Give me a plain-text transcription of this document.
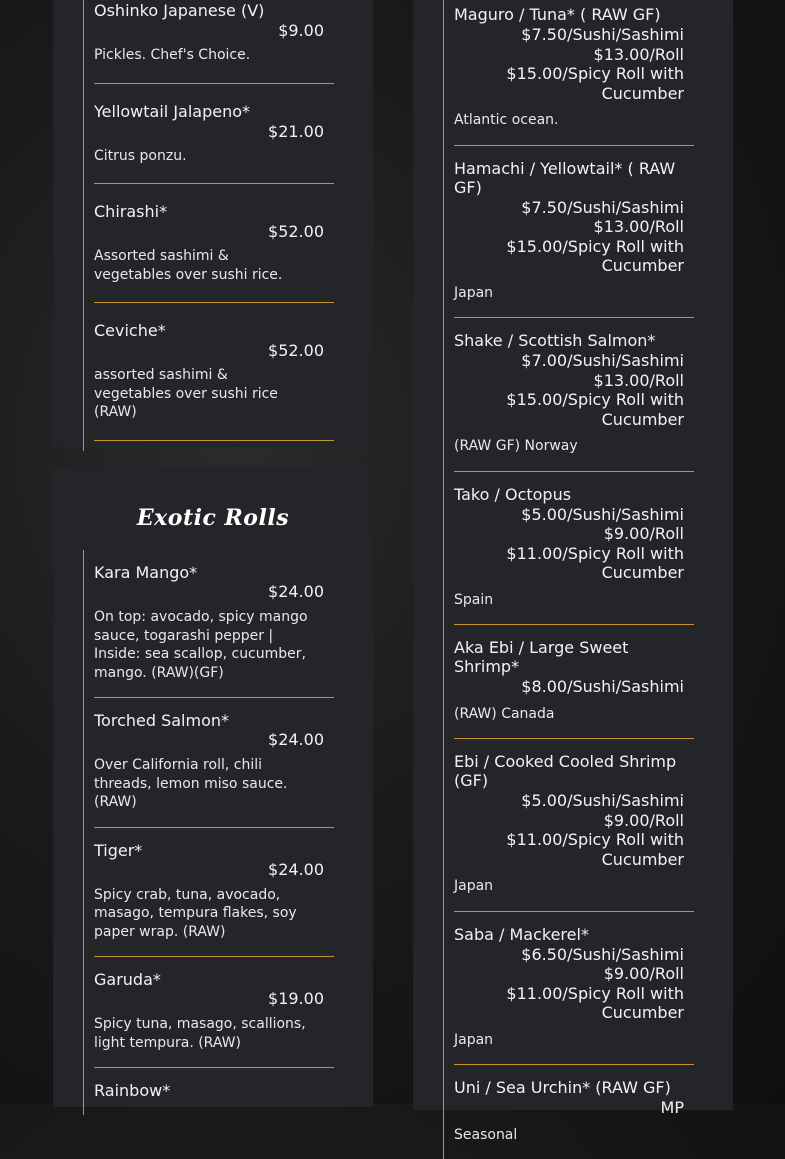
Oshinko Japanese (V)
$9.00
Pickles. Chef's Choice.
Yellowtail Jalapeno*
$21.00
Citrus ponzu.
Chirashi*
$52.00
Assorted sashimi & vegetables over sushi rice.
Ceviche*
$52.00
assorted sashimi & vegetables over sushi rice (RAW)
Exotic Rolls
Kara Mango*
$24.00
On top: avocado, spicy mango sauce, togarashi pepper | Inside: sea scallop, cucumber, mango. (RAW)(GF)
Torched Salmon*
$24.00
Over California roll, chili threads, lemon miso sauce. (RAW)
Tiger*
$24.00
Spicy crab, tuna, avocado, masago, tempura flakes, soy paper wrap. (RAW)
Garuda*
$19.00
Spicy tuna, masago, scallions, light tempura. (RAW)
Rainbow*
Maguro / Tuna* ( RAW GF)
$7.50/Sushi/Sashimi
$13.00/Roll
$15.00/Spicy Roll with Cucumber
Atlantic ocean.
Hamachi / Yellowtail* ( RAW GF)
$7.50/Sushi/Sashimi
$13.00/Roll
$15.00/Spicy Roll with Cucumber
Japan
Shake / Scottish Salmon*
$7.00/Sushi/Sashimi
$13.00/Roll
$15.00/Spicy Roll with Cucumber
(RAW GF) Norway
Tako / Octopus
$5.00/Sushi/Sashimi
$9.00/Roll
$11.00/Spicy Roll with Cucumber
Spain
Aka Ebi / Large Sweet Shrimp*
$8.00/Sushi/Sashimi
(RAW) Canada
Ebi / Cooked Cooled Shrimp (GF)
$5.00/Sushi/Sashimi
$9.00/Roll
$11.00/Spicy Roll with Cucumber
Japan
Saba / Mackerel*
$6.50/Sushi/Sashimi
$9.00/Roll
$11.00/Spicy Roll with Cucumber
Japan
Uni / Sea Urchin* (RAW GF)
MP
Seasonal
